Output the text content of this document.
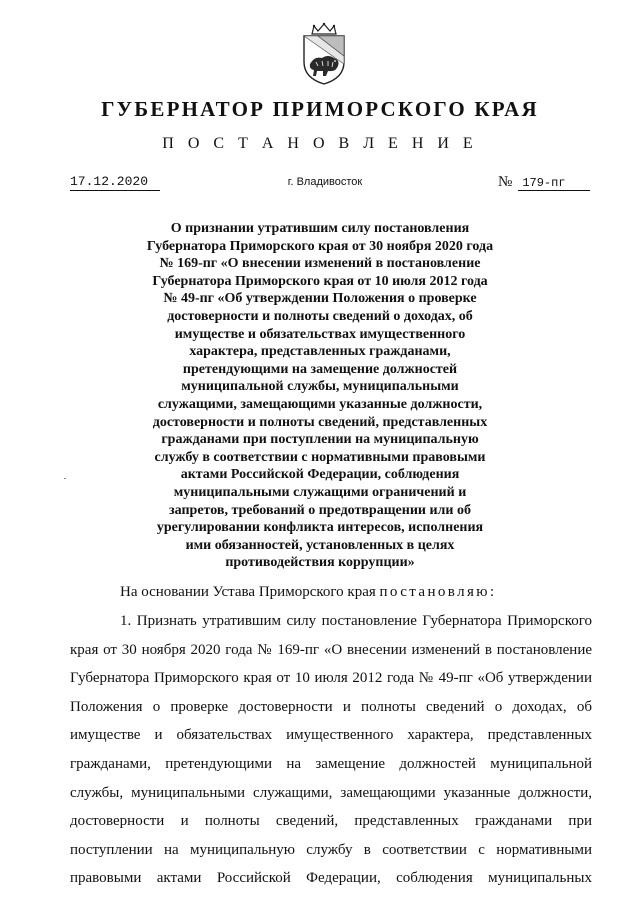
ГУБЕРНАТОР ПРИМОРСКОГО КРАЯ
П О С Т А Н О В Л Е Н И Е
17.12.2020	г. Владивосток	№ 179-пг
О признании утратившим силу постановления
Губернатора Приморского края от 30 ноября 2020 года
№ 169-пг «О внесении изменений в постановление
Губернатора Приморского края от 10 июля 2012 года
№ 49-пг «Об утверждении Положения о проверке
достоверности и полноты сведений о доходах, об
имуществе и обязательствах имущественного
характера, представленных гражданами,
претендующими на замещение должностей
муниципальной службы, муниципальными
служащими, замещающими указанные должности,
достоверности и полноты сведений, представленных
гражданами при поступлении на муниципальную
службу в соответствии с нормативными правовыми
актами Российской Федерации, соблюдения
муниципальными служащими ограничений и
запретов, требований о предотвращении или об
урегулировании конфликта интересов, исполнения
ими обязанностей, установленных в целях
противодействия коррупции»
На основании Устава Приморского края постановляю:
1. Признать утратившим силу постановление Губернатора Приморского
края от 30 ноября 2020 года № 169-пг «О внесении изменений в постановление
Губернатора Приморского края от 10 июля 2012 года № 49-пг «Об утверждении
Положения о проверке достоверности и полноты сведений о доходах, об
имуществе и обязательствах имущественного характера, представленных
гражданами, претендующими на замещение должностей муниципальной
службы, муниципальными служащими, замещающими указанные должности,
достоверности и полноты сведений, представленных гражданами при
поступлении на муниципальную службу в соответствии с нормативными
правовыми актами Российской Федерации, соблюдения муниципальных
